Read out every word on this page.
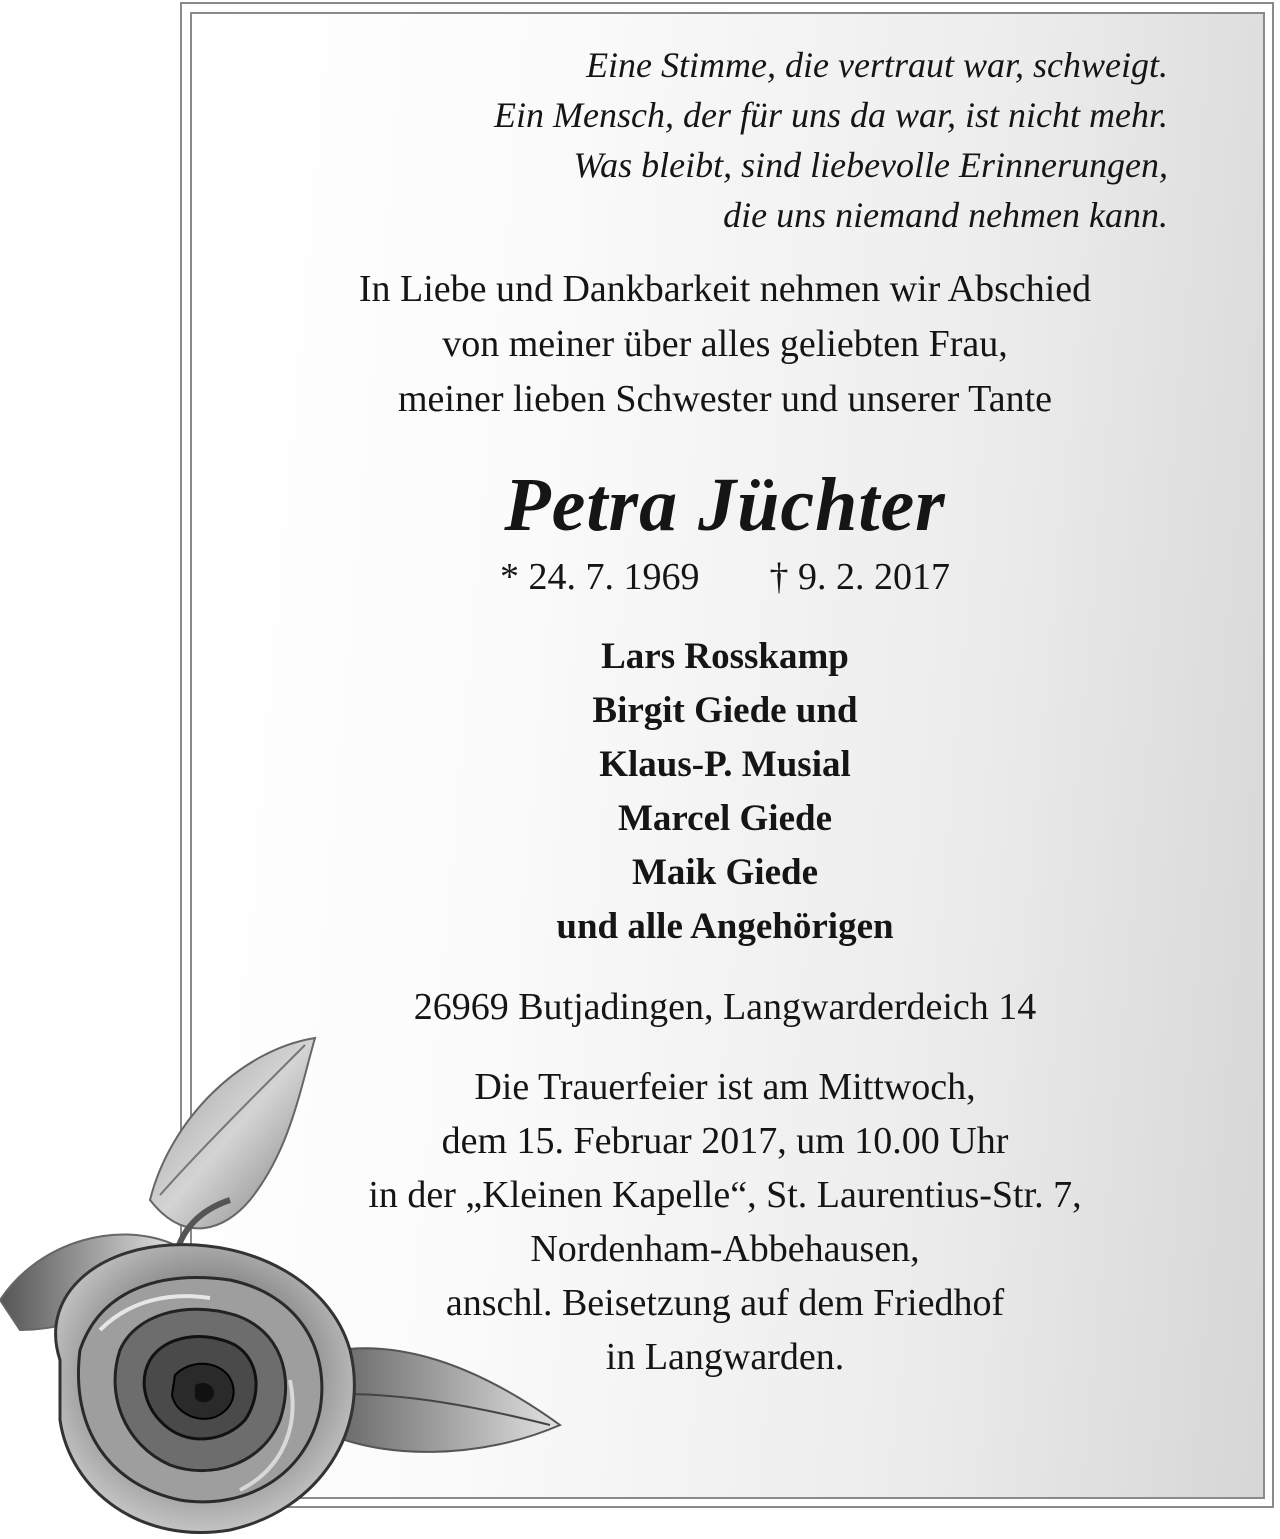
Eine Stimme, die vertraut war, schweigt.
Ein Mensch, der für uns da war, ist nicht mehr.
Was bleibt, sind liebevolle Erinnerungen,
die uns niemand nehmen kann.
In Liebe und Dankbarkeit nehmen wir Abschied
von meiner über alles geliebten Frau,
meiner lieben Schwester und unserer Tante
Petra Jüchter
* 24. 7. 1969 † 9. 2. 2017
Lars Rosskamp
Birgit Giede und
Klaus-P. Musial
Marcel Giede
Maik Giede
und alle Angehörigen
26969 Butjadingen, Langwarderdeich 14
Die Trauerfeier ist am Mittwoch,
dem 15. Februar 2017, um 10.00 Uhr
in der „Kleinen Kapelle“, St. Laurentius-Str. 7,
Nordenham-Abbehausen,
anschl. Beisetzung auf dem Friedhof
in Langwarden.
